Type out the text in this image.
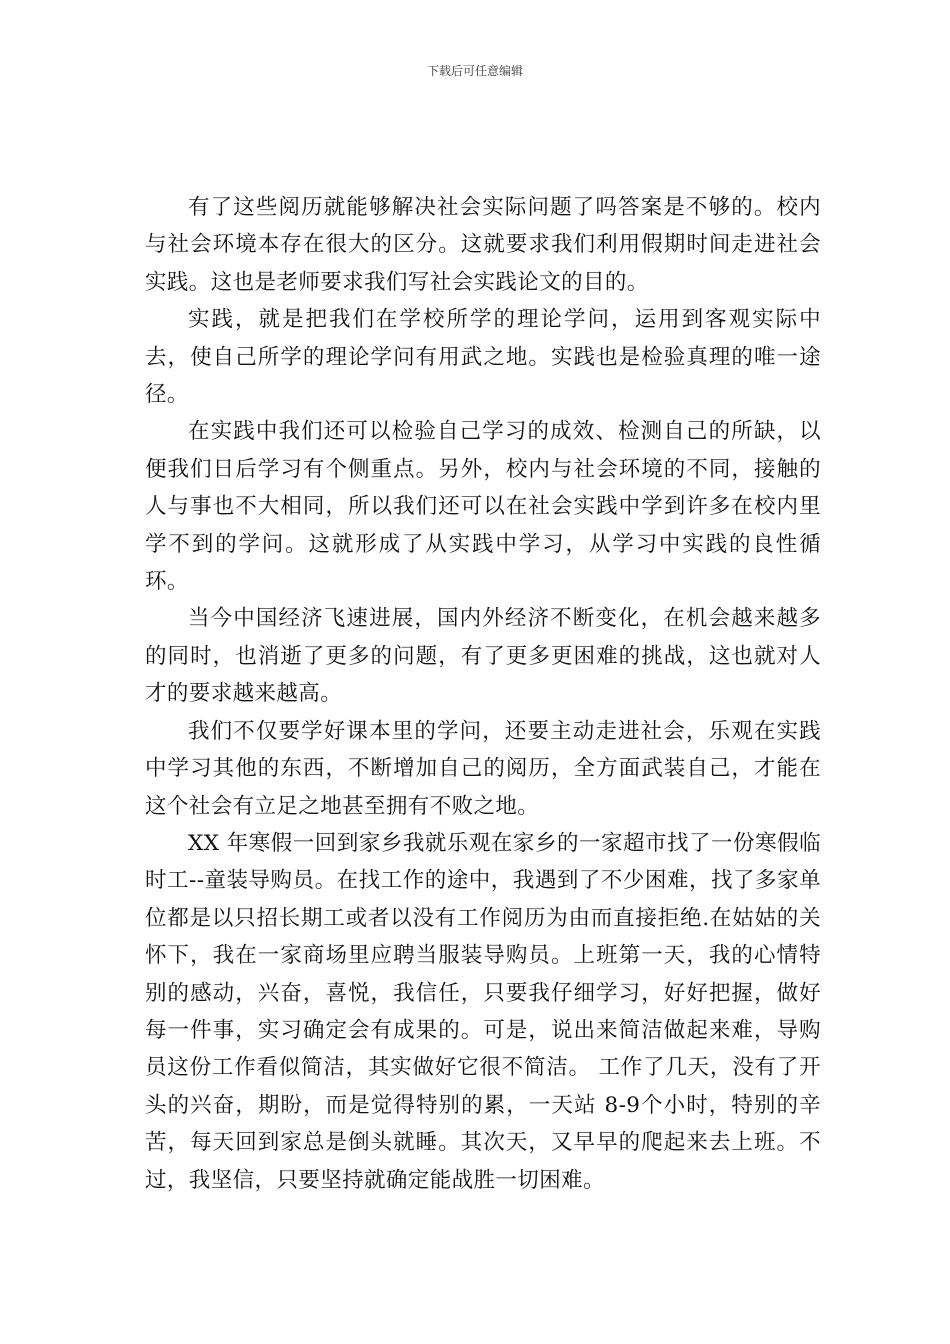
下载后可任意编辑

有了这些阅历就能够解决社会实际问题了吗答案是不够的。校内与社会环境本存在很大的区分。这就要求我们利用假期时间走进社会实践。这也是老师要求我们写社会实践论文的目的。

实践，就是把我们在学校所学的理论学问，运用到客观实际中去，使自己所学的理论学问有用武之地。实践也是检验真理的唯一途径。

在实践中我们还可以检验自己学习的成效、检测自己的所缺，以便我们日后学习有个侧重点。另外，校内与社会环境的不同，接触的人与事也不大相同，所以我们还可以在社会实践中学到许多在校内里学不到的学问。这就形成了从实践中学习，从学习中实践的良性循环。

当今中国经济飞速进展，国内外经济不断变化，在机会越来越多的同时，也消逝了更多的问题，有了更多更困难的挑战，这也就对人才的要求越来越高。

我们不仅要学好课本里的学问，还要主动走进社会，乐观在实践中学习其他的东西，不断增加自己的阅历，全方面武装自己，才能在这个社会有立足之地甚至拥有不败之地。

XX 年寒假一回到家乡我就乐观在家乡的一家超市找了一份寒假临时工--童装导购员。在找工作的途中，我遇到了不少困难，找了多家单位都是以只招长期工或者以没有工作阅历为由而直接拒绝.在姑姑的关怀下，我在一家商场里应聘当服装导购员。上班第一天，我的心情特别的感动，兴奋，喜悦，我信任，只要我仔细学习，好好把握，做好每一件事，实习确定会有成果的。可是，说出来简洁做起来难，导购员这份工作看似简洁，其实做好它很不简洁。 工作了几天，没有了开头的兴奋，期盼，而是觉得特别的累，一天站 8-9个小时，特别的辛苦，每天回到家总是倒头就睡。其次天，又早早的爬起来去上班。不过，我坚信，只要坚持就确定能战胜一切困难。
